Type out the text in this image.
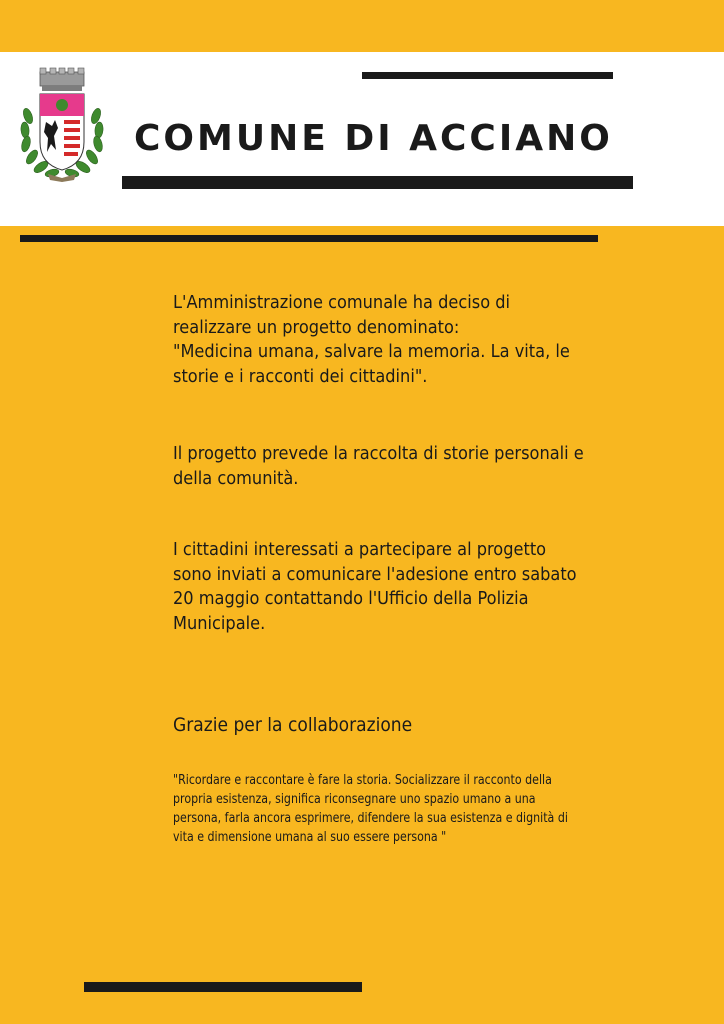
COMUNE DI ACCIANO

L'Amministrazione comunale ha deciso di realizzare un progetto denominato:
"Medicina umana, salvare la memoria. La vita, le storie e i racconti dei cittadini".

Il progetto prevede la raccolta di storie personali e della comunità.

I cittadini interessati a partecipare al progetto sono inviati a comunicare l'adesione entro sabato 20 maggio contattando l'Ufficio della Polizia Municipale.

Grazie per la collaborazione

"Ricordare e raccontare è fare la storia. Socializzare il racconto della propria esistenza, significa riconsegnare uno spazio umano a una persona, farla ancora esprimere, difendere la sua esistenza e dignità di vita e dimensione umana al suo essere persona "
